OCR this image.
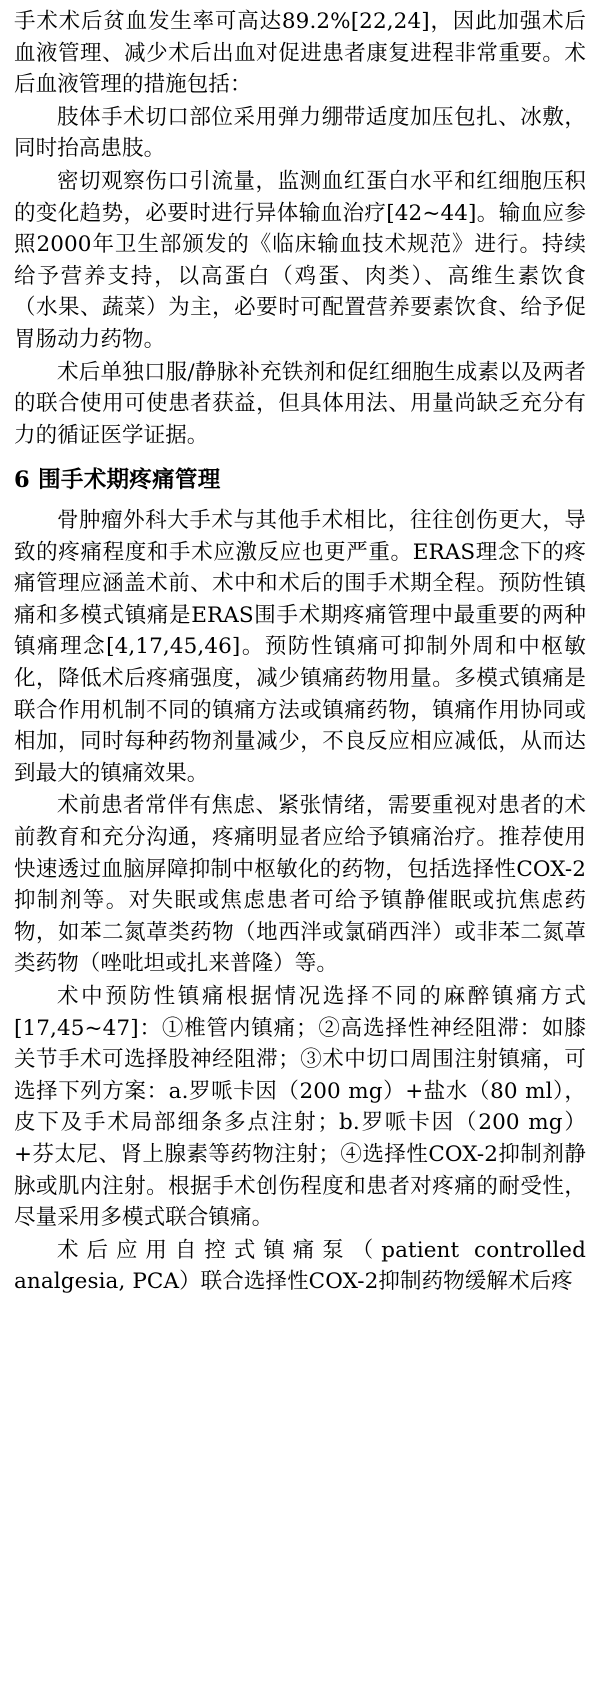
手术术后贫血发生率可高达89.2%[22,24]，因此加强术后血液管理、减少术后出血对促进患者康复进程非常重要。术后血液管理的措施包括：

肢体手术切口部位采用弹力绷带适度加压包扎、冰敷，同时抬高患肢。

密切观察伤口引流量，监测血红蛋白水平和红细胞压积的变化趋势，必要时进行异体输血治疗[42~44]。输血应参照2000年卫生部颁发的《临床输血技术规范》进行。持续给予营养支持，以高蛋白（鸡蛋、肉类）、高维生素饮食（水果、蔬菜）为主，必要时可配置营养要素饮食、给予促胃肠动力药物。

术后单独口服/静脉补充铁剂和促红细胞生成素以及两者的联合使用可使患者获益，但具体用法、用量尚缺乏充分有力的循证医学证据。

6 围手术期疼痛管理

骨肿瘤外科大手术与其他手术相比，往往创伤更大，导致的疼痛程度和手术应激反应也更严重。ERAS理念下的疼痛管理应涵盖术前、术中和术后的围手术期全程。预防性镇痛和多模式镇痛是ERAS围手术期疼痛管理中最重要的两种镇痛理念[4,17,45,46]。预防性镇痛可抑制外周和中枢敏化，降低术后疼痛强度，减少镇痛药物用量。多模式镇痛是联合作用机制不同的镇痛方法或镇痛药物，镇痛作用协同或相加，同时每种药物剂量减少，不良反应相应减低，从而达到最大的镇痛效果。

术前患者常伴有焦虑、紧张情绪，需要重视对患者的术前教育和充分沟通，疼痛明显者应给予镇痛治疗。推荐使用快速透过血脑屏障抑制中枢敏化的药物，包括选择性COX-2抑制剂等。对失眠或焦虑患者可给予镇静催眠或抗焦虑药物，如苯二氮䓬类药物（地西泮或氯硝西泮）或非苯二氮䓬类药物（唑吡坦或扎来普隆）等。

术中预防性镇痛根据情况选择不同的麻醉镇痛方式[17,45~47]：①椎管内镇痛；②高选择性神经阻滞：如膝关节手术可选择股神经阻滞；③术中切口周围注射镇痛，可选择下列方案：a.罗哌卡因（200 mg）+盐水（80 ml），皮下及手术局部细条多点注射；b.罗哌卡因（200 mg）+芬太尼、肾上腺素等药物注射；④选择性COX-2抑制剂静脉或肌内注射。根据手术创伤程度和患者对疼痛的耐受性，尽量采用多模式联合镇痛。

术后应用自控式镇痛泵（patient controlled analgesia, PCA）联合选择性COX-2抑制药物缓解术后疼
